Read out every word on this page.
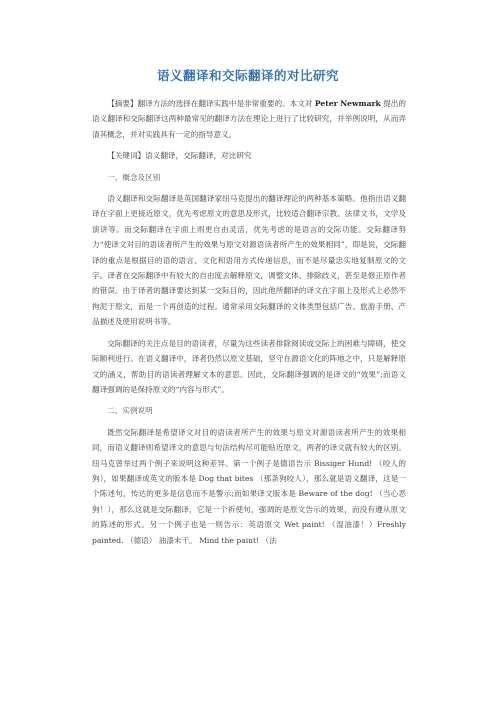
语义翻译和交际翻译的对比研究

【摘要】翻译方法的选择在翻译实践中是非常重要的。本文对 Peter Newmark 提出的语义翻译和交际翻译这两种最常见的翻译方法在理论上进行了比较研究，并举例说明，从而弄清其概念，并对实践具有一定的指导意义。

【关键词】语义翻译，交际翻译，对比研究

一、概念及区别

语义翻译和交际翻译是英国翻译家纽马克提出的翻译理论的两种基本策略。他指出语义翻译在字面上更接近原文，优先考虑原文的意思及形式，比较适合翻译宗教、法律文书，文学及演讲等。而交际翻译在字面上则更自由灵活，优先考虑的是语言的交际功能。交际翻译努力“使译文对目的语读者所产生的效果与原文对源语读者所产生的效果相同”，即是说，交际翻译的重点是根据目的语的语言、文化和语用方式传递信息，而不是尽量忠实地复制原文的文字。译者在交际翻译中有较大的自由度去解释原文，调整文体、排除歧义，甚至是修正原作者的错误。由于译者的翻译要达到某一交际目的，因此他所翻译的译文在字面上及形式上必然不拘泥于原文，而是一个再创造的过程。通常采用交际翻译的文体类型包括广告、旅游手册、产品描述及使用说明书等。

交际翻译的关注点是目的语读者，尽量为这些读者排除阅读或交际上的困难与障碍，使交际顺利进行。在语义翻译中，译者仍然以原文基础，坚守在源语文化的阵地之中，只是解释原文的涵义，帮助目的语读者理解文本的意思。因此，交际翻译强调的是译文的“效果”;而语义翻译强调的是保持原文的“内容与形式”。

二、实例说明

既然交际翻译是希望译文对目的语读者所产生的效果与原文对源语读者所产生的效果相同，而语义翻译则希望译文的意思与句法结构尽可能贴近原文，两者的译文就有较大的区别。纽马克曾举过两个例子来说明这种差异。第一个例子是德语告示 Bissiger Hund! （咬人的狗），如果翻译成英文的版本是 Dog that bites （那条狗咬人），那么就是语义翻译，这是一个陈述句，传达的更多是信息而不是警示;而如果译文版本是 Beware of the dog! （当心恶狗！），那么这就是交际翻译，它是一个祈使句，强调的是原文告示的效果，而没有遵从原文的陈述的形式。另一个例子也是一则告示：英语原文 Wet paint! （湿油漆！）Freshly painted. （德语） 油漆未干。 Mind the paint! （法
